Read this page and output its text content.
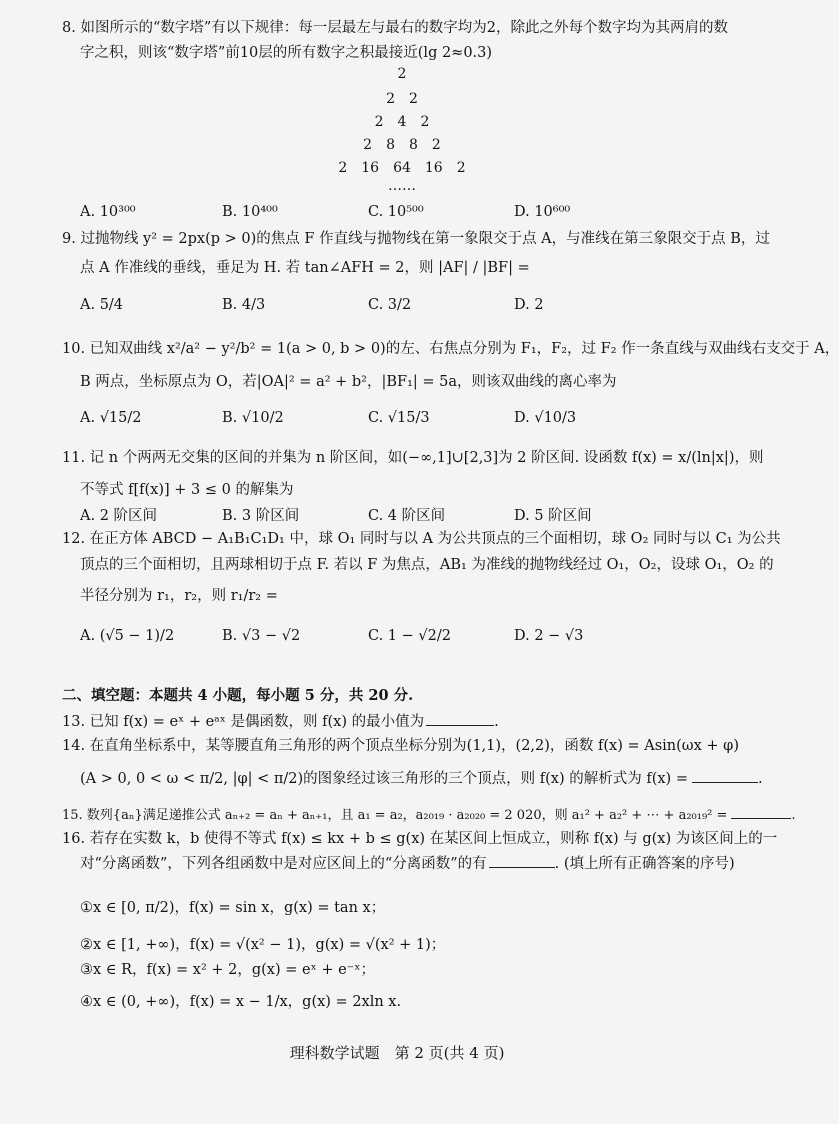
8. 如图所示的“数字塔”有以下规律：每一层最左与最右的数字均为2，除此之外每个数字均为其两肩的数
字之积，则该“数字塔”前10层的所有数字之积最接近(lg 2≈0.3)
2
2　2
2　4　2
2　8　8　2
2　16　64　16　2
……
A. 10³⁰⁰	B. 10⁴⁰⁰	C. 10⁵⁰⁰	D. 10⁶⁰⁰
9. 过抛物线 y² = 2px(p > 0)的焦点 F 作直线与抛物线在第一象限交于点 A，与准线在第三象限交于点 B，过
点 A 作准线的垂线，垂足为 H. 若 tan∠AFH = 2，则 |AF| / |BF| =
A. 5/4	B. 4/3	C. 3/2	D. 2
10. 已知双曲线 x²/a² − y²/b² = 1(a > 0, b > 0)的左、右焦点分别为 F₁，F₂，过 F₂ 作一条直线与双曲线右支交于 A，
B 两点，坐标原点为 O，若|OA|² = a² + b²，|BF₁| = 5a，则该双曲线的离心率为
A. √15/2	B. √10/2	C. √15/3	D. √10/3
11. 记 n 个两两无交集的区间的并集为 n 阶区间，如(−∞,1]∪[2,3]为 2 阶区间. 设函数 f(x) = x/(ln|x|)，则
不等式 f[f(x)] + 3 ≤ 0 的解集为
A. 2 阶区间	B. 3 阶区间	C. 4 阶区间	D. 5 阶区间
12. 在正方体 ABCD − A₁B₁C₁D₁ 中，球 O₁ 同时与以 A 为公共顶点的三个面相切，球 O₂ 同时与以 C₁ 为公共
顶点的三个面相切，且两球相切于点 F. 若以 F 为焦点，AB₁ 为准线的抛物线经过 O₁，O₂，设球 O₁，O₂ 的
半径分别为 r₁，r₂，则 r₁/r₂ =
A. (√5 − 1)/2	B. √3 − √2	C. 1 − √2/2	D. 2 − √3
二、填空题：本题共 4 小题，每小题 5 分，共 20 分.
13. 已知 f(x) = eˣ + eᵃˣ 是偶函数，则 f(x) 的最小值为	.
14. 在直角坐标系中，某等腰直角三角形的两个顶点坐标分别为(1,1)，(2,2)，函数 f(x) = Asin(ωx + φ)
(A > 0, 0 < ω < π/2, |φ| < π/2)的图象经过该三角形的三个顶点，则 f(x) 的解析式为 f(x) =	.
15. 数列{aₙ}满足递推公式 aₙ₊₂ = aₙ + aₙ₊₁，且 a₁ = a₂，a₂₀₁₉ · a₂₀₂₀ = 2 020，则 a₁² + a₂² + ⋯ + a₂₀₁₉² =	.
16. 若存在实数 k，b 使得不等式 f(x) ≤ kx + b ≤ g(x) 在某区间上恒成立，则称 f(x) 与 g(x) 为该区间上的一
对“分离函数”，下列各组函数中是对应区间上的“分离函数”的有	. (填上所有正确答案的序号)
①x ∈ [0, π/2)，f(x) = sin x，g(x) = tan x；
②x ∈ [1, +∞)，f(x) = √(x² − 1)，g(x) = √(x² + 1)；
③x ∈ R，f(x) = x² + 2，g(x) = eˣ + e⁻ˣ；
④x ∈ (0, +∞)，f(x) = x − 1/x，g(x) = 2xln x.
理科数学试题　第 2 页(共 4 页)
